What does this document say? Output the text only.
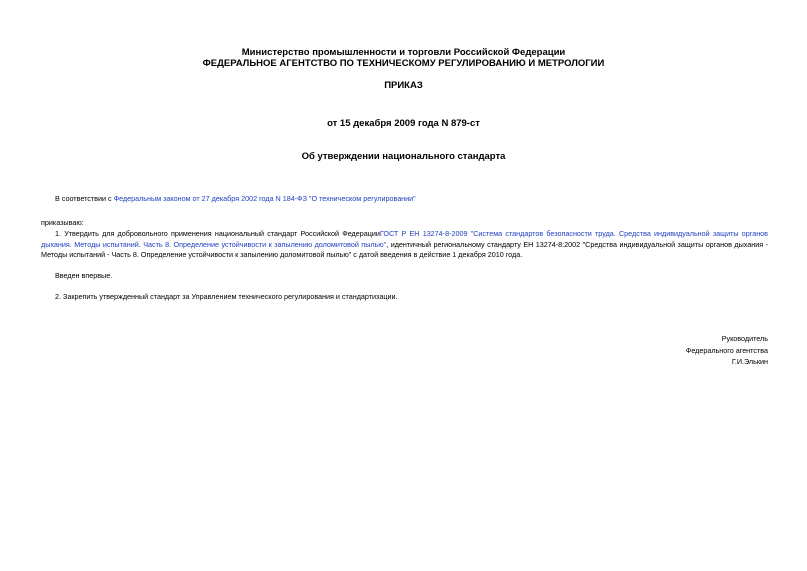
Министерство промышленности и торговли Российской Федерации
ФЕДЕРАЛЬНОЕ АГЕНТСТВО ПО ТЕХНИЧЕСКОМУ РЕГУЛИРОВАНИЮ И МЕТРОЛОГИИ
ПРИКАЗ
от 15 декабря 2009 года N 879-ст
Об утверждении национального стандарта
В соответствии с Федеральным законом от 27 декабря 2002 года N 184-ФЗ "О техническом регулировании"
приказываю:
1. Утвердить для добровольного применения национальный стандарт Российской ФедерацииГОСТ Р ЕН 13274-8-2009 "Система стандартов безопасности труда. Средства индивидуальной защиты органов дыхания. Методы испытаний. Часть 8. Определение устойчивости к запылению доломитовой пылью", идентичный региональному стандарту ЕН 13274-8:2002 "Средства индивидуальной защиты органов дыхания - Методы испытаний - Часть 8. Определение устойчивости к запылению доломитовой пылью" с датой введения в действие 1 декабря 2010 года.
Введен впервые.
2. Закрепить утвержденный стандарт за Управлением технического регулирования и стандартизации.
Руководитель
Федерального агентства
Г.И.Элькин
